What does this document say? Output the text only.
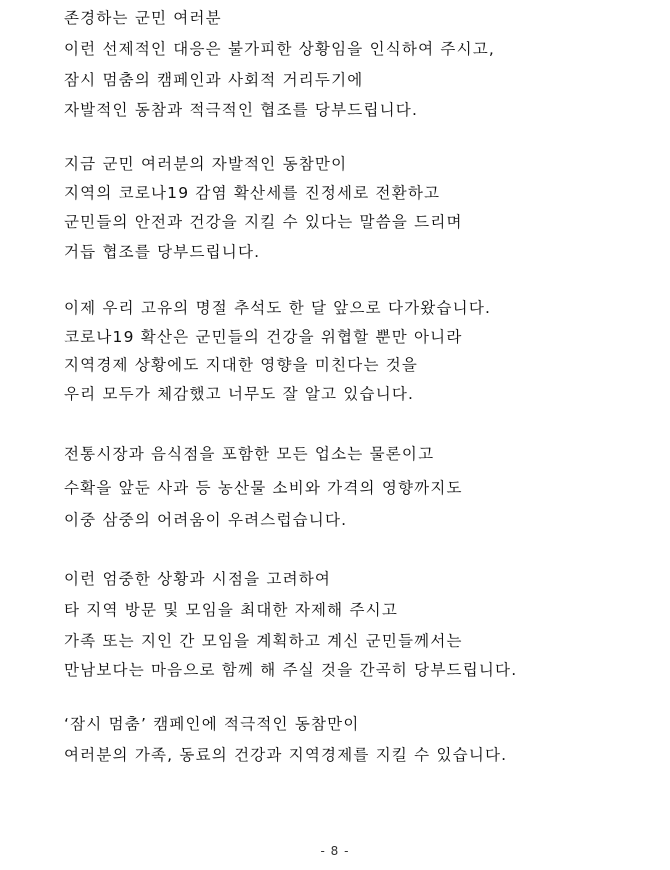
존경하는 군민 여러분
이런 선제적인 대응은 불가피한 상황임을 인식하여 주시고,
잠시 멈춤의 캠페인과 사회적 거리두기에
자발적인 동참과 적극적인 협조를 당부드립니다.
지금 군민 여러분의 자발적인 동참만이
지역의 코로나19 감염 확산세를 진정세로 전환하고
군민들의 안전과 건강을 지킬 수 있다는 말씀을 드리며
거듭 협조를 당부드립니다.
이제 우리 고유의 명절 추석도 한 달 앞으로 다가왔습니다.
코로나19 확산은 군민들의 건강을 위협할 뿐만 아니라
지역경제 상황에도 지대한 영향을 미친다는 것을
우리 모두가 체감했고 너무도 잘 알고 있습니다.
전통시장과 음식점을 포함한 모든 업소는 물론이고
수확을 앞둔 사과 등 농산물 소비와 가격의 영향까지도
이중 삼중의 어려움이 우려스럽습니다.
이런 엄중한 상황과 시점을 고려하여
타 지역 방문 및 모임을 최대한 자제해 주시고
가족 또는 지인 간 모임을 계획하고 계신 군민들께서는
만남보다는 마음으로 함께 해 주실 것을 간곡히 당부드립니다.
‘잠시 멈춤’ 캠페인에 적극적인 동참만이
여러분의 가족, 동료의 건강과 지역경제를 지킬 수 있습니다.
- 8 -
